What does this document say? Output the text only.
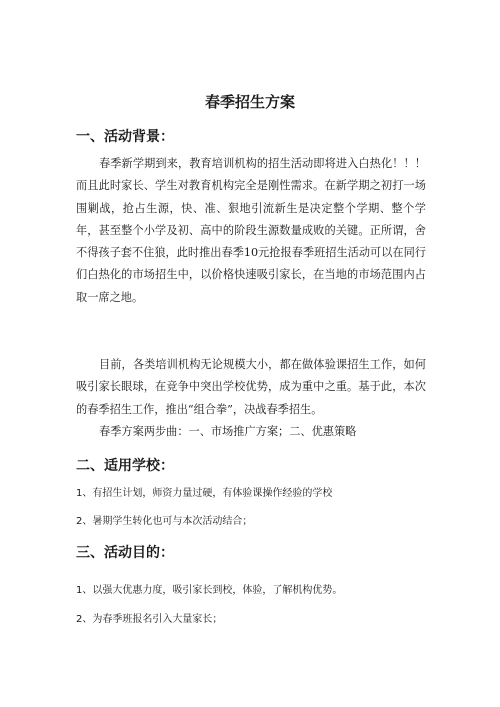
春季招生方案
一、活动背景：
春季新学期到来，教育培训机构的招生活动即将进入白热化！！！而且此时家长、学生对教育机构完全是刚性需求。在新学期之初打一场围剿战，抢占生源，快、准、狠地引流新生是决定整个学期、整个学年，甚至整个小学及初、高中的阶段生源数量成败的关键。正所谓，舍不得孩子套不住狼，此时推出春季10元抢报春季班招生活动可以在同行们白热化的市场招生中，以价格快速吸引家长，在当地的市场范围内占取一席之地。
目前，各类培训机构无论规模大小，都在做体验课招生工作，如何吸引家长眼球，在竞争中突出学校优势，成为重中之重。基于此，本次的春季招生工作，推出“组合拳”，决战春季招生。
春季方案两步曲：一、市场推广方案；二、优惠策略
二、适用学校：
1、有招生计划，师资力量过硬，有体验课操作经验的学校
2、暑期学生转化也可与本次活动结合；
三、活动目的：
1、以强大优惠力度，吸引家长到校，体验，了解机构优势。
2、为春季班报名引入大量家长；
